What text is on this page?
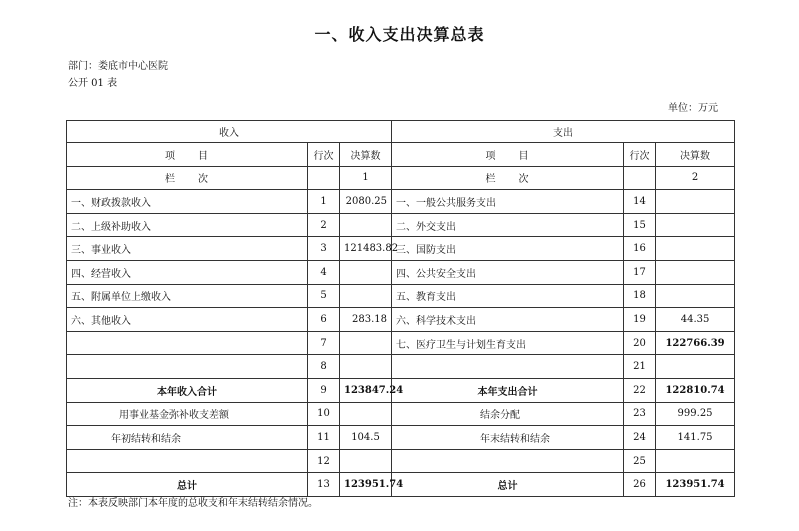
一、收入支出决算总表
部门：娄底市中心医院
公开 01 表
单位：万元
收入			支出		
项　　目	行次	决算数	项　　目	行次	决算数
栏　　次		1	栏　　次		2
一、财政拨款收入	1	2080.25	一、一般公共服务支出	14	
二、上级补助收入	2		二、外交支出	15	
三、事业收入	3	121483.82	三、国防支出	16	
四、经营收入	4		四、公共安全支出	17	
五、附属单位上缴收入	5		五、教育支出	18	
六、其他收入	6	283.18	六、科学技术支出	19	44.35
	7		七、医疗卫生与计划生育支出	20	122766.39
	8			21	
本年收入合计	9	123847.24	本年支出合计	22	122810.74
用事业基金弥补收支差额	10		结余分配	23	999.25
年初结转和结余	11	104.5	年末结转和结余	24	141.75
	12			25	
总计	13	123951.74	总计	26	123951.74
注：本表反映部门本年度的总收支和年末结转结余情况。
